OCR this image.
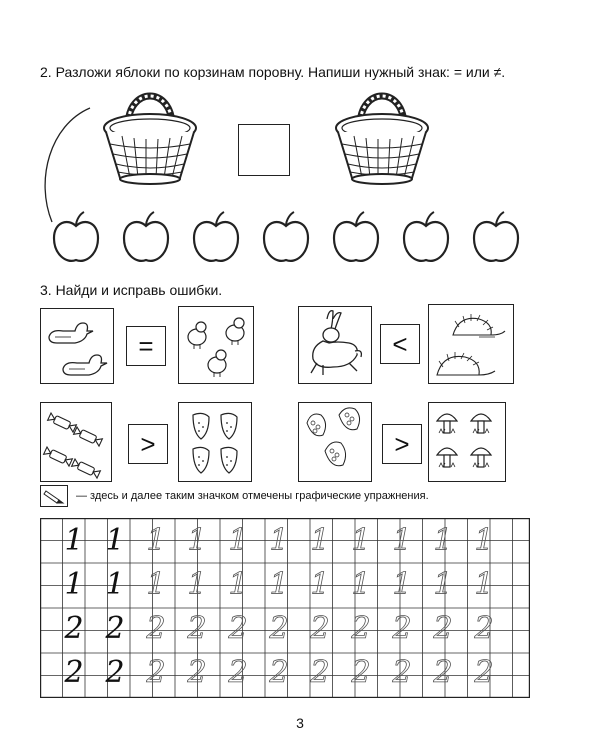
2. Разложи яблоки по корзинам поровну. Напиши нужный знак: = или ≠.
3. Найди и исправь ошибки.
=	<
>	>
— здесь и далее таким значком отмечены графические упражнения.
1 1 1 1 1 1 1 1 1 1 1
1 1 1 1 1 1 1 1 1 1 1
2 2 2 2 2 2 2 2 2 2 2
2 2 2 2 2 2 2 2 2 2 2
3
